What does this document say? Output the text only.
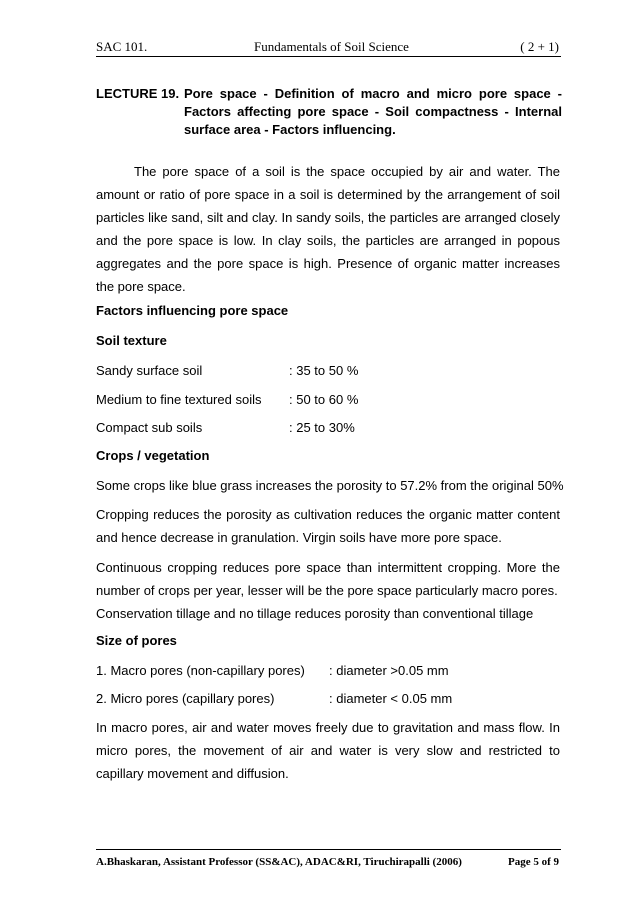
SAC 101.	Fundamentals of Soil Science	( 2 + 1)
LECTURE 19. Pore space - Definition of macro and micro pore space - Factors affecting pore space - Soil compactness - Internal surface area - Factors influencing.
The pore space of a soil is the space occupied by air and water. The amount or ratio of pore space in a soil is determined by the arrangement of soil particles like sand, silt and clay. In sandy soils, the particles are arranged closely and the pore space is low. In clay soils, the particles are arranged in popous aggregates and the pore space is high. Presence of organic matter increases the pore space.
Factors influencing pore space
Soil texture
Sandy surface soil	: 35 to 50 %
Medium to fine textured soils : 50 to 60 %
Compact sub soils	: 25 to 30%
Crops / vegetation
Some crops like blue grass increases the porosity to 57.2% from the original 50%
Cropping reduces the porosity as cultivation reduces the organic matter content and hence decrease in granulation. Virgin soils have more pore space.
Continuous cropping reduces pore space than intermittent cropping. More the number of crops per year, lesser will be the pore space particularly macro pores.
Conservation tillage and no tillage reduces porosity than conventional tillage
Size of pores
1. Macro pores (non-capillary pores) : diameter >0.05 mm
2. Micro pores (capillary pores)	: diameter < 0.05 mm
In macro pores, air and water moves freely due to gravitation and mass flow. In micro pores, the movement of air and water is very slow and restricted to capillary movement and diffusion.
A.Bhaskaran, Assistant Professor (SS&AC), ADAC&RI, Tiruchirapalli (2006)	Page 5 of 9
